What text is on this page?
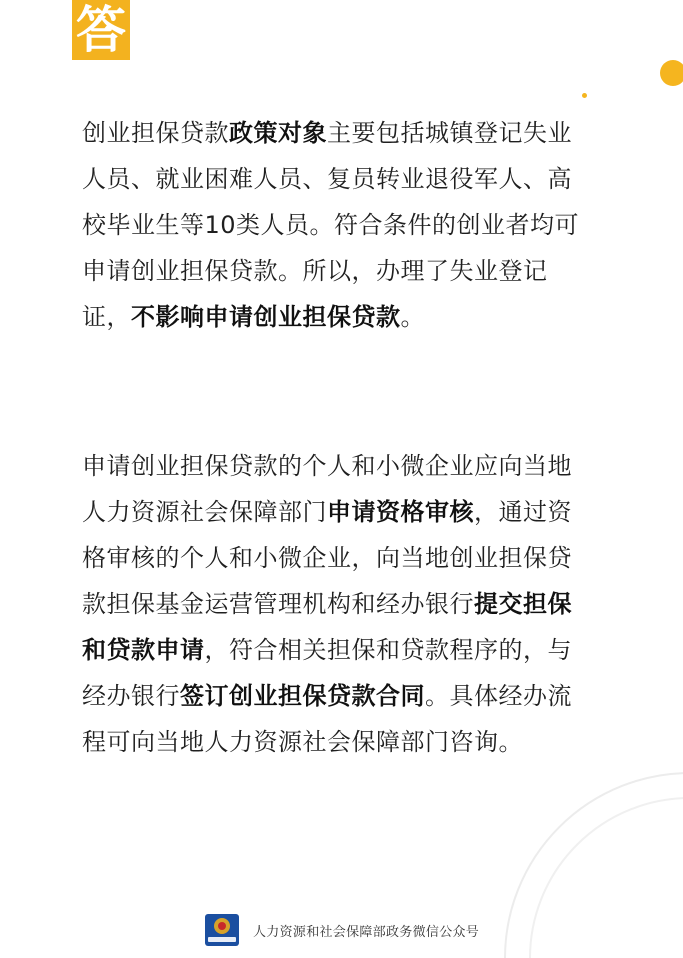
答

创业担保贷款政策对象主要包括城镇登记失业人员、就业困难人员、复员转业退役军人、高校毕业生等10类人员。符合条件的创业者均可申请创业担保贷款。所以，办理了失业登记证，不影响申请创业担保贷款。

申请创业担保贷款的个人和小微企业应向当地人力资源社会保障部门申请资格审核，通过资格审核的个人和小微企业，向当地创业担保贷款担保基金运营管理机构和经办银行提交担保和贷款申请，符合相关担保和贷款程序的，与经办银行签订创业担保贷款合同。具体经办流程可向当地人力资源社会保障部门咨询。

人力资源和社会保障部政务微信公众号
